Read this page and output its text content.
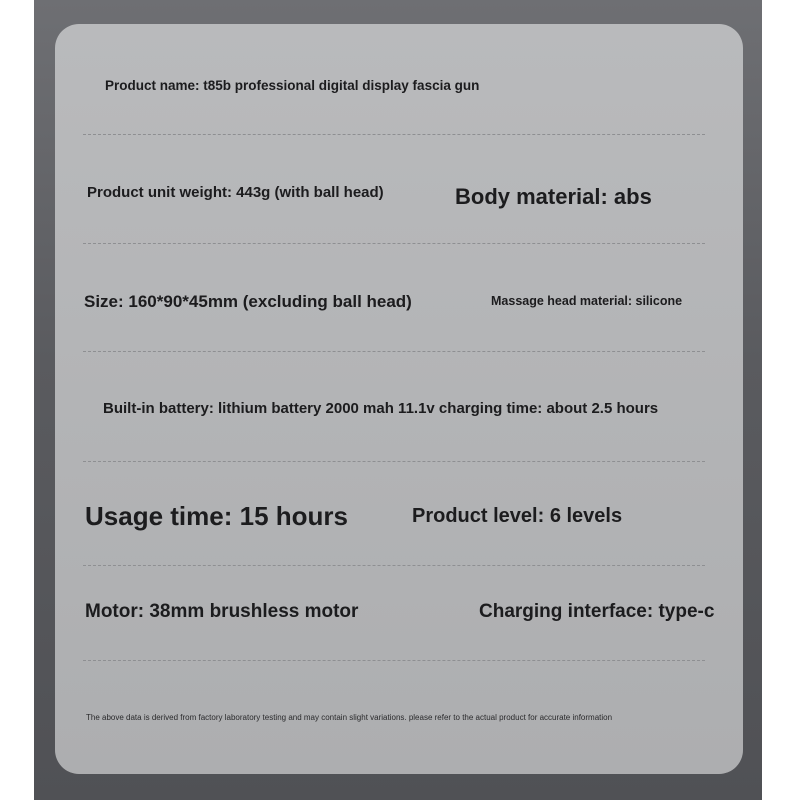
Product name: t85b professional digital display fascia gun
Product unit weight: 443g (with ball head)	Body material: abs
Size: 160*90*45mm (excluding ball head)	Massage head material: silicone
Built-in battery: lithium battery 2000 mah 11.1v charging time: about 2.5 hours
Usage time: 15 hours	Product level: 6 levels
Motor: 38mm brushless motor	Charging interface: type-c
The above data is derived from factory laboratory testing and may contain slight variations. please refer to the actual product for accurate information
